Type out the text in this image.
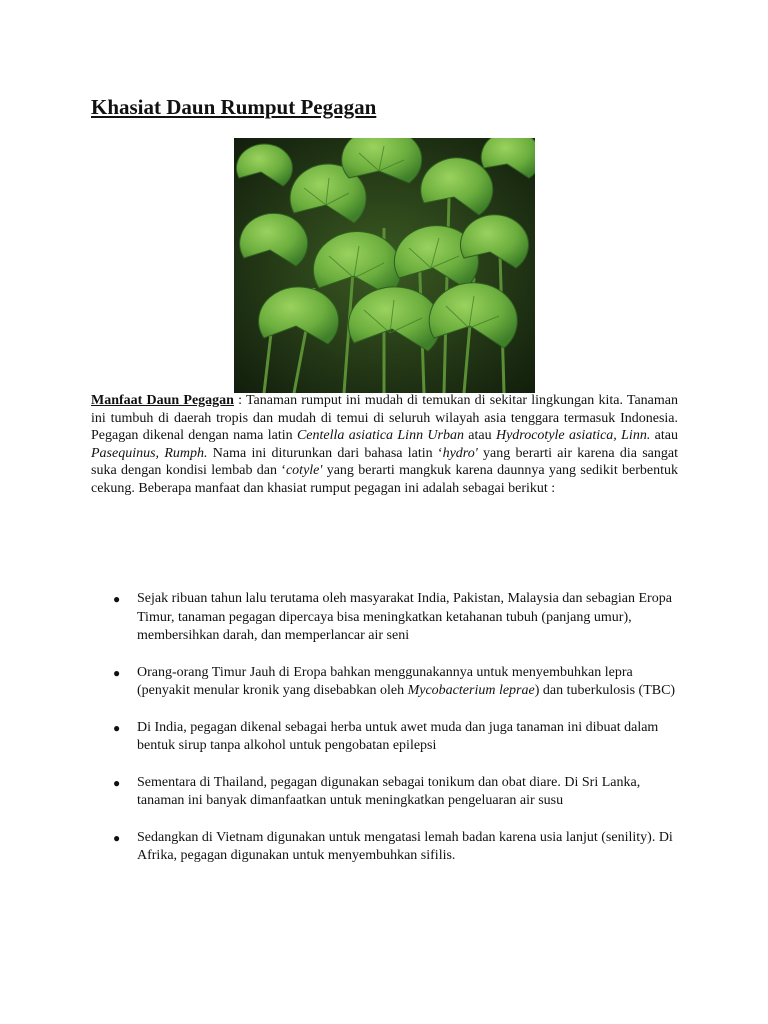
Khasiat Daun Rumput Pegagan

Manfaat Daun Pegagan : Tanaman rumput ini mudah di temukan di sekitar lingkungan kita. Tanaman ini tumbuh di daerah tropis dan mudah di temui di seluruh wilayah asia tenggara termasuk Indonesia. Pegagan dikenal dengan nama latin Centella asiatica Linn Urban atau Hydrocotyle asiatica, Linn. atau Pasequinus, Rumph. Nama ini diturunkan dari bahasa latin ‘hydro' yang berarti air karena dia sangat suka dengan kondisi lembab dan ‘cotyle' yang berarti mangkuk karena daunnya yang sedikit berbentuk cekung. Beberapa manfaat dan khasiat rumput pegagan ini adalah sebagai berikut :

● Sejak ribuan tahun lalu terutama oleh masyarakat India, Pakistan, Malaysia dan sebagian Eropa Timur, tanaman pegagan dipercaya bisa meningkatkan ketahanan tubuh (panjang umur), membersihkan darah, dan memperlancar air seni
● Orang-orang Timur Jauh di Eropa bahkan menggunakannya untuk menyembuhkan lepra (penyakit menular kronik yang disebabkan oleh Mycobacterium leprae) dan tuberkulosis (TBC)
● Di India, pegagan dikenal sebagai herba untuk awet muda dan juga tanaman ini dibuat dalam bentuk sirup tanpa alkohol untuk pengobatan epilepsi
● Sementara di Thailand, pegagan digunakan sebagai tonikum dan obat diare. Di Sri Lanka, tanaman ini banyak dimanfaatkan untuk meningkatkan pengeluaran air susu
● Sedangkan di Vietnam digunakan untuk mengatasi lemah badan karena usia lanjut (senility). Di Afrika, pegagan digunakan untuk menyembuhkan sifilis.
